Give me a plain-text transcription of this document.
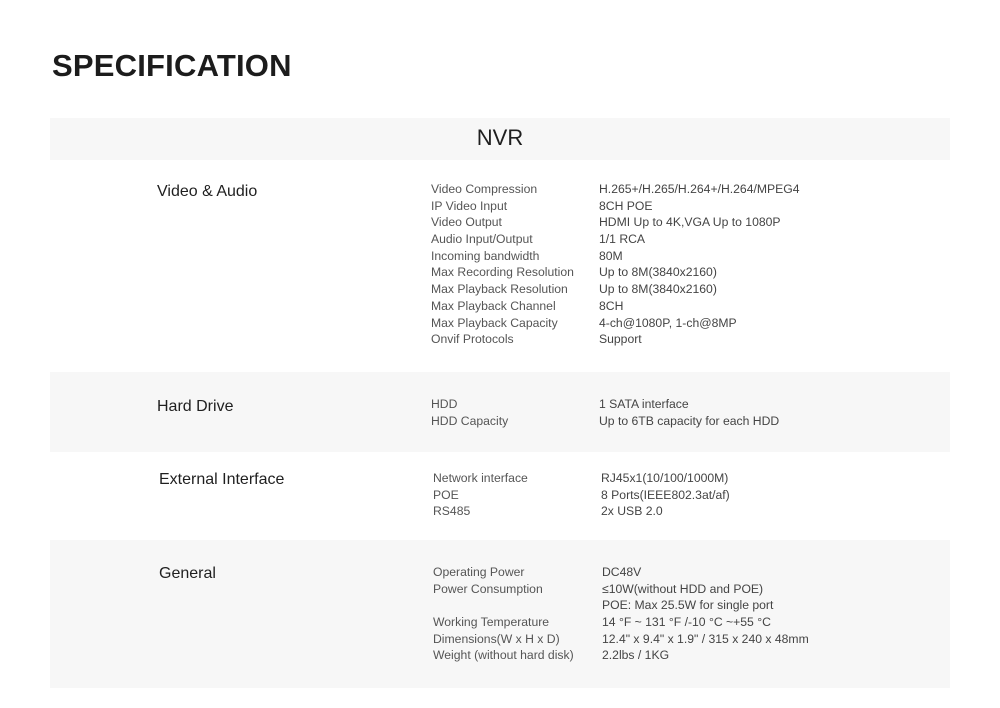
SPECIFICATION
NVR
Video & Audio	Video Compression	H.265+/H.265/H.264+/H.264/MPEG4
IP Video Input	8CH POE
Video Output	HDMI Up to 4K,VGA Up to 1080P
Audio Input/Output	1/1 RCA
Incoming bandwidth	80M
Max Recording Resolution Up to 8M(3840x2160)
Max Playback Resolution	Up to 8M(3840x2160)
Max Playback Channel	8CH
Max Playback Capacity	4-ch@1080P, 1-ch@8MP
Onvif Protocols	Support
Hard Drive	HDD	1 SATA interface
HDD Capacity	Up to 6TB capacity for each HDD
External Interface	Network interface	RJ45x1(10/100/1000M)
POE	8 Ports(IEEE802.3at/af)
RS485	2x USB 2.0
General	Operating Power	DC48V
Power Consumption	≤10W(without HDD and POE)
POE: Max 25.5W for single port
Working Temperature	14 °F ~ 131 °F /-10 °C ~+55 °C
Dimensions(W x H x D)	12.4" x 9.4" x 1.9" / 315 x 240 x 48mm
Weight (without hard disk) 2.2lbs / 1KG
